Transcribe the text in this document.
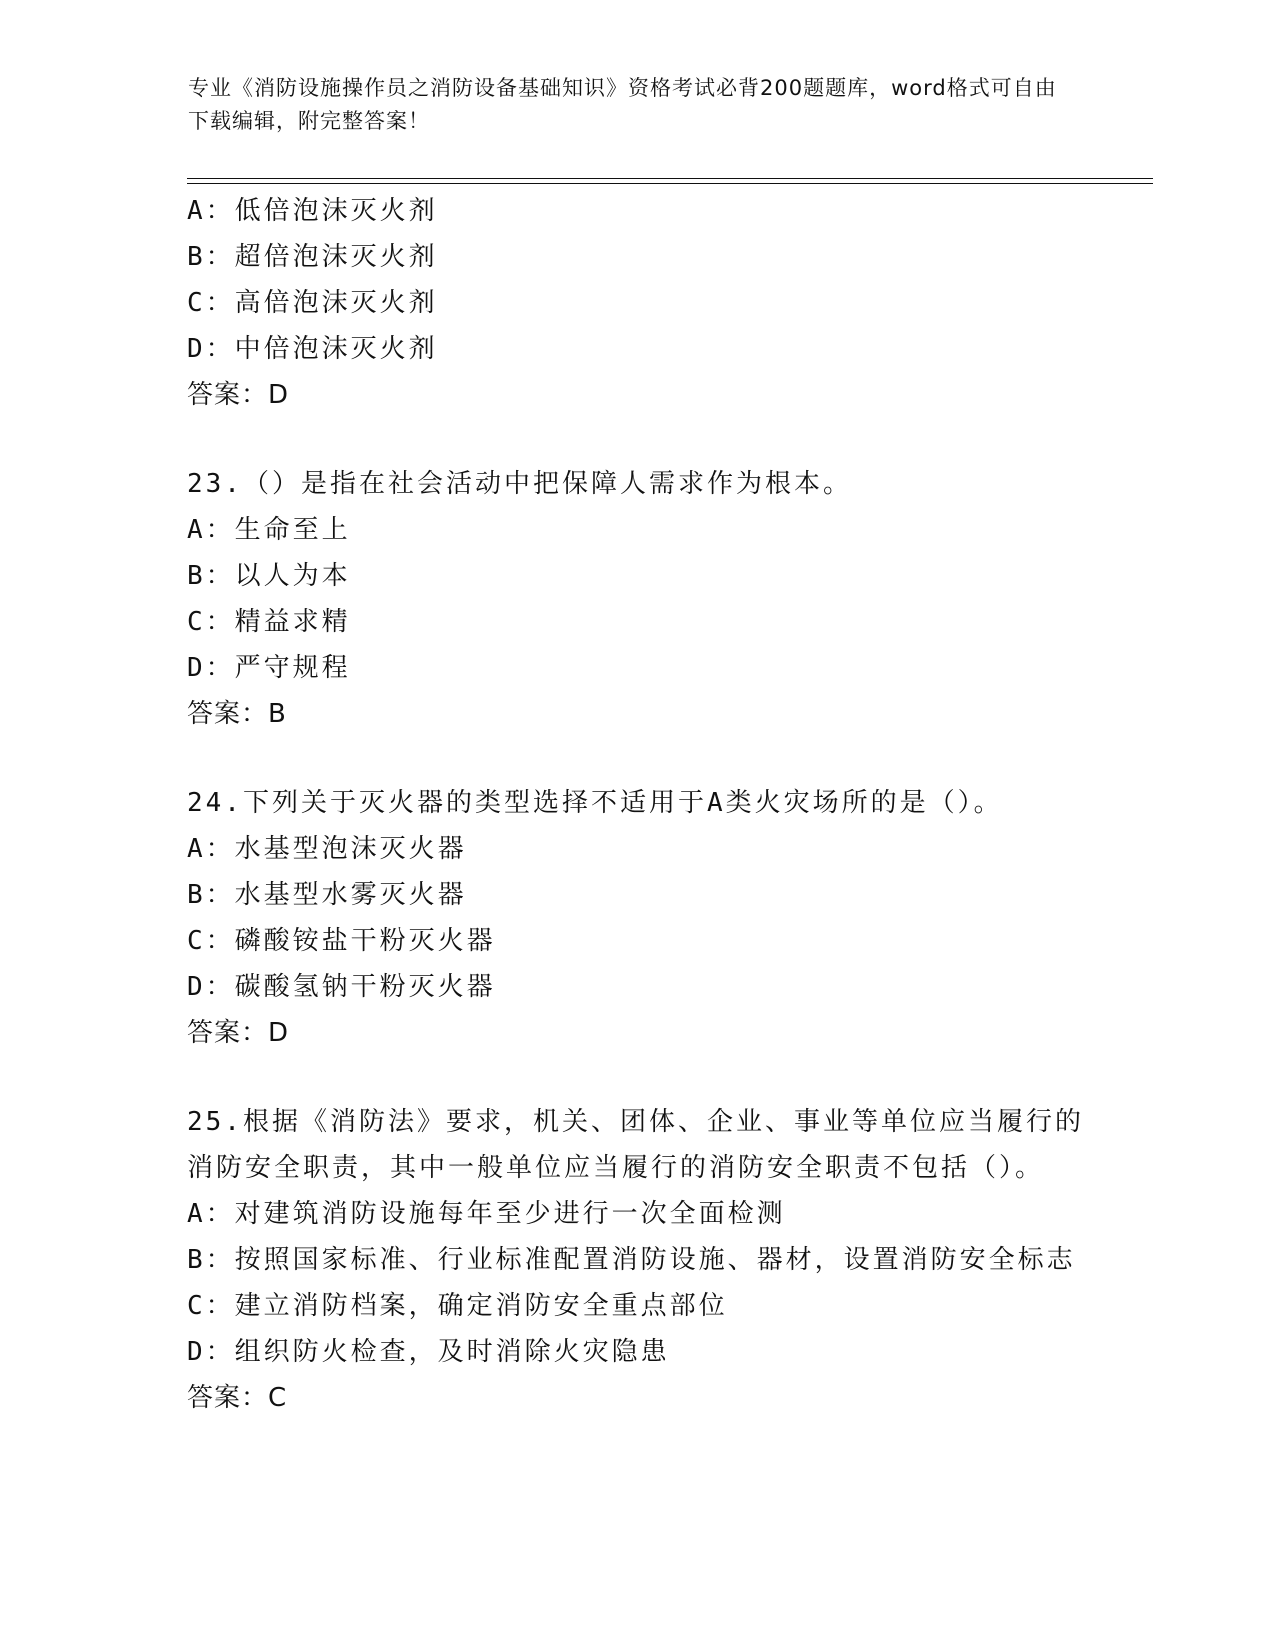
专业《消防设施操作员之消防设备基础知识》资格考试必背200题题库，word格式可自由下载编辑，附完整答案！
A：低倍泡沫灭火剂
B：超倍泡沫灭火剂
C：高倍泡沫灭火剂
D：中倍泡沫灭火剂
答案：D
23.（）是指在社会活动中把保障人需求作为根本。
A：生命至上
B：以人为本
C：精益求精
D：严守规程
答案：B
24.下列关于灭火器的类型选择不适用于A类火灾场所的是（）。
A：水基型泡沫灭火器
B：水基型水雾灭火器
C：磷酸铵盐干粉灭火器
D：碳酸氢钠干粉灭火器
答案：D
25.根据《消防法》要求，机关、团体、企业、事业等单位应当履行的
消防安全职责，其中一般单位应当履行的消防安全职责不包括（）。
A：对建筑消防设施每年至少进行一次全面检测
B：按照国家标准、行业标准配置消防设施、器材，设置消防安全标志
C：建立消防档案，确定消防安全重点部位
D：组织防火检查，及时消除火灾隐患
答案：C
